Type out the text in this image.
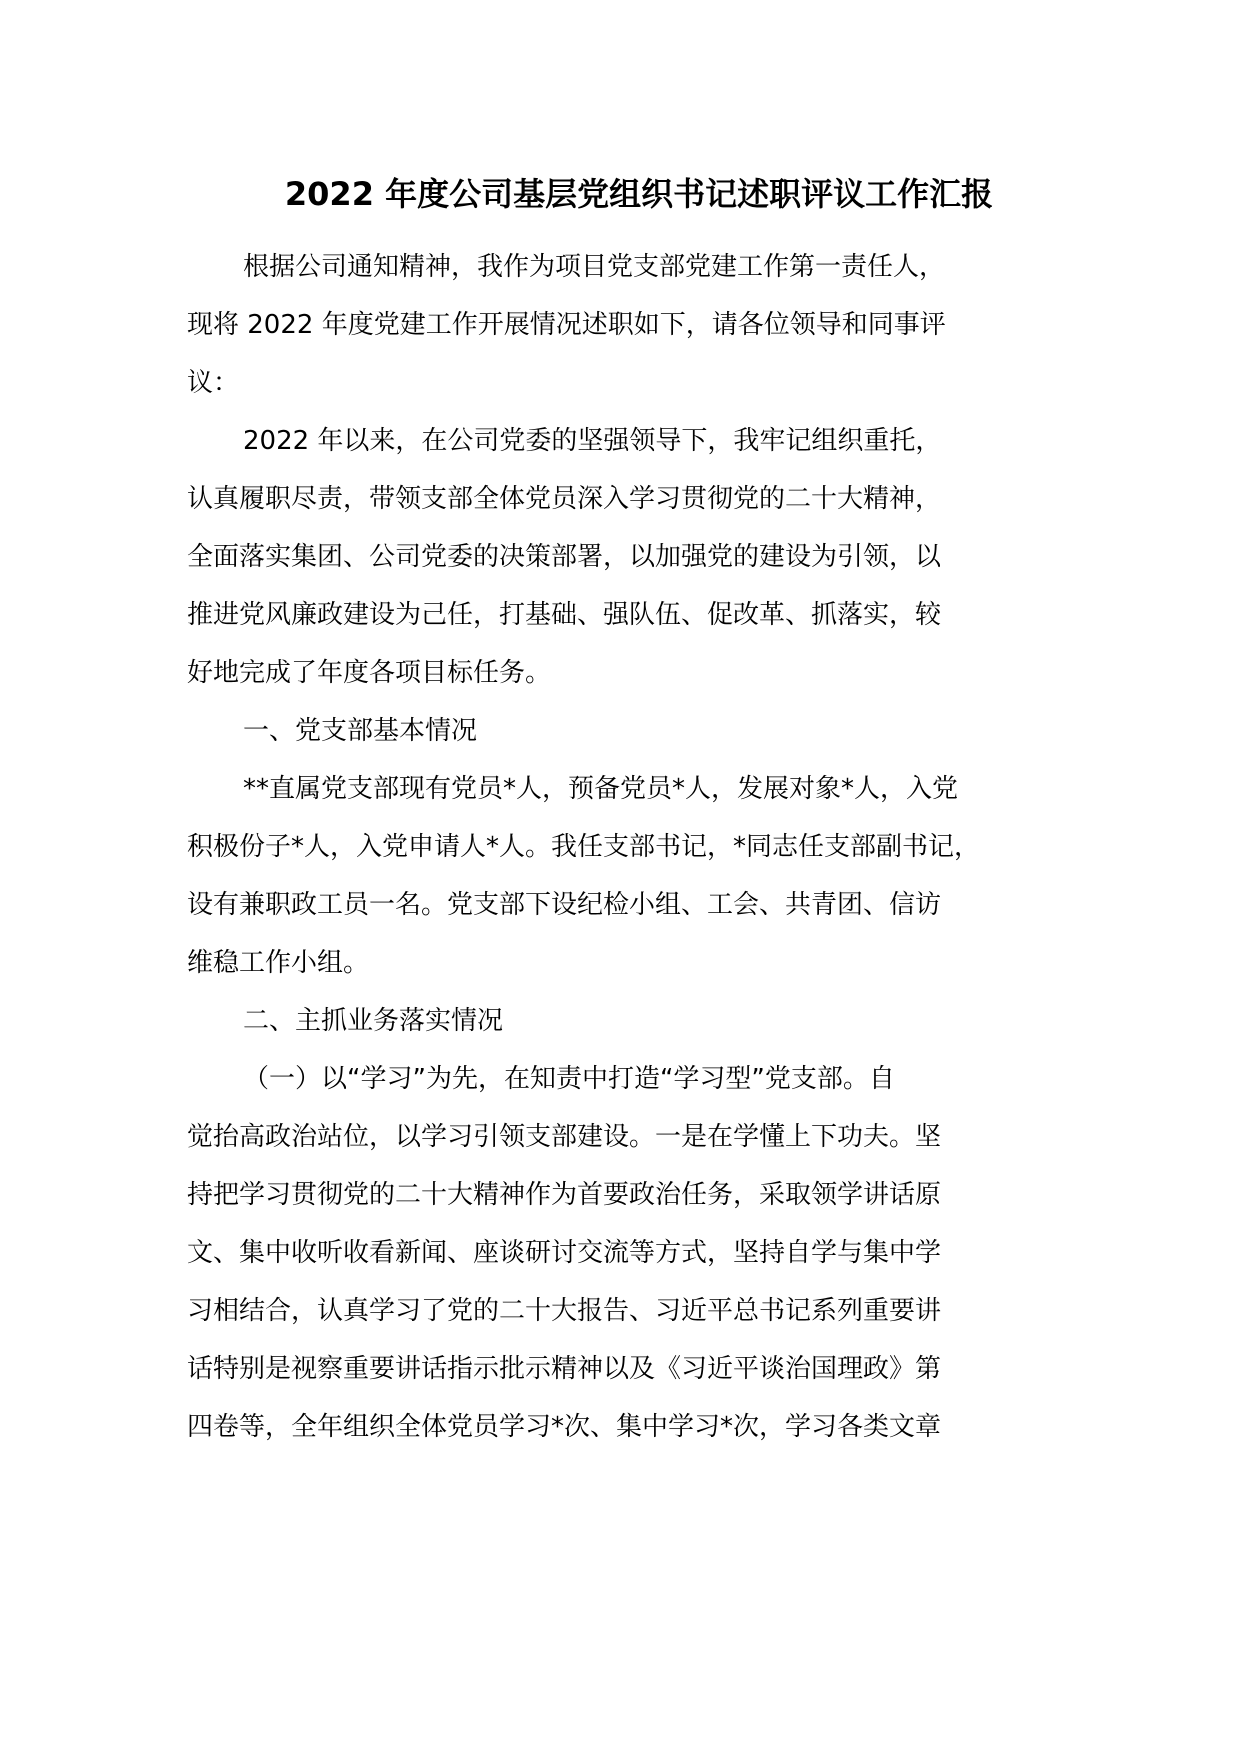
2022 年度公司基层党组织书记述职评议工作汇报

根据公司通知精神，我作为项目党支部党建工作第一责任人，

现将 2022 年度党建工作开展情况述职如下，请各位领导和同事评

议：

2022 年以来，在公司党委的坚强领导下，我牢记组织重托，

认真履职尽责，带领支部全体党员深入学习贯彻党的二十大精神，

全面落实集团、公司党委的决策部署，以加强党的建设为引领，以

推进党风廉政建设为己任，打基础、强队伍、促改革、抓落实，较

好地完成了年度各项目标任务。

一、党支部基本情况

**直属党支部现有党员*人，预备党员*人，发展对象*人，入党

积极份子*人，入党申请人*人。我任支部书记，*同志任支部副书记，

设有兼职政工员一名。党支部下设纪检小组、工会、共青团、信访

维稳工作小组。

二、主抓业务落实情况

（一）以“学习”为先，在知责中打造“学习型”党支部。自

觉抬高政治站位，以学习引领支部建设。一是在学懂上下功夫。坚

持把学习贯彻党的二十大精神作为首要政治任务，采取领学讲话原

文、集中收听收看新闻、座谈研讨交流等方式，坚持自学与集中学

习相结合，认真学习了党的二十大报告、习近平总书记系列重要讲

话特别是视察重要讲话指示批示精神以及《习近平谈治国理政》第

四卷等，全年组织全体党员学习*次、集中学习*次，学习各类文章
